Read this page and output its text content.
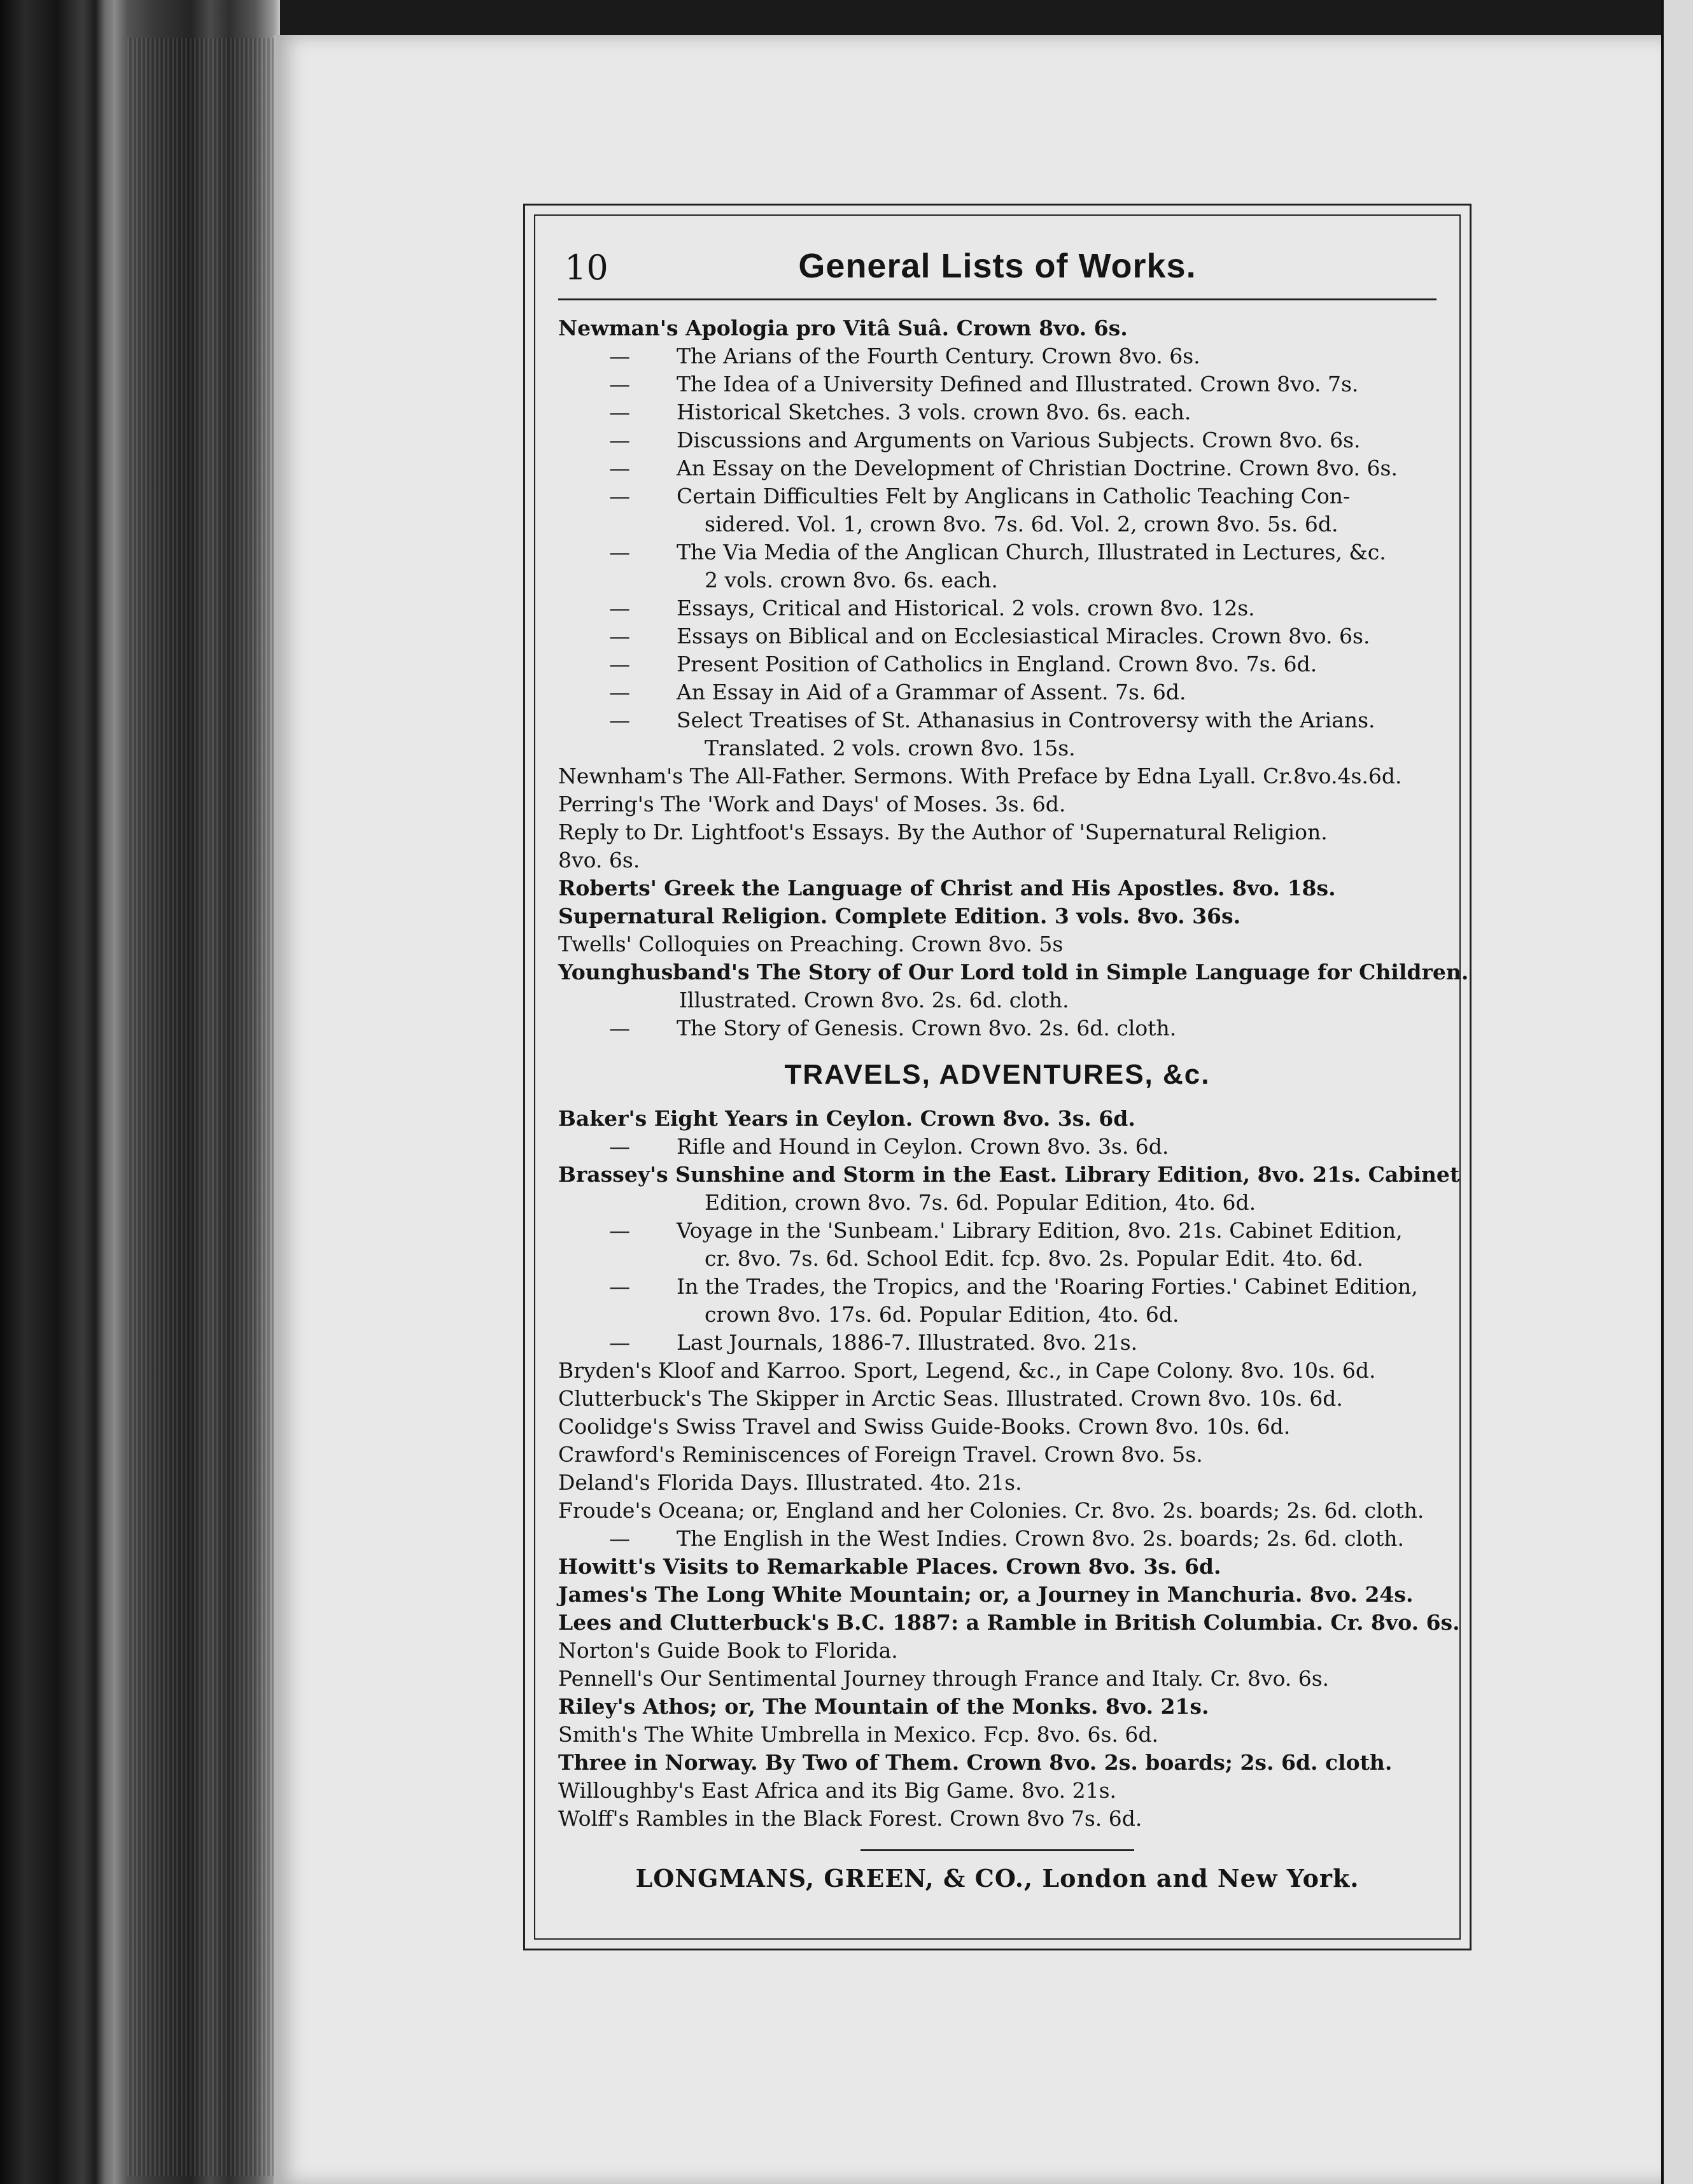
10	General Lists of Works.
Newman's Apologia pro Vitâ Suâ. Crown 8vo. 6s.
—The Arians of the Fourth Century. Crown 8vo. 6s.
—The Idea of a University Defined and Illustrated. Crown 8vo. 7s.
—Historical Sketches. 3 vols. crown 8vo. 6s. each.
—Discussions and Arguments on Various Subjects. Crown 8vo. 6s.
—An Essay on the Development of Christian Doctrine. Crown 8vo. 6s.
—Certain Difficulties Felt by Anglicans in Catholic Teaching Con-
sidered. Vol. 1, crown 8vo. 7s. 6d. Vol. 2, crown 8vo. 5s. 6d.
—The Via Media of the Anglican Church, Illustrated in Lectures, &c.
2 vols. crown 8vo. 6s. each.
—Essays, Critical and Historical. 2 vols. crown 8vo. 12s.
—Essays on Biblical and on Ecclesiastical Miracles. Crown 8vo. 6s.
—Present Position of Catholics in England. Crown 8vo. 7s. 6d.
—An Essay in Aid of a Grammar of Assent. 7s. 6d.
—Select Treatises of St. Athanasius in Controversy with the Arians.
Translated. 2 vols. crown 8vo. 15s.
Newnham's The All-Father. Sermons. With Preface by Edna Lyall. Cr.8vo.4s.6d.
Perring's The 'Work and Days' of Moses. 3s. 6d.
Reply to Dr. Lightfoot's Essays. By the Author of 'Supernatural Religion.
8vo. 6s.
Roberts' Greek the Language of Christ and His Apostles. 8vo. 18s.
Supernatural Religion. Complete Edition. 3 vols. 8vo. 36s.
Twells' Colloquies on Preaching. Crown 8vo. 5s
Younghusband's The Story of Our Lord told in Simple Language for Children.
Illustrated. Crown 8vo. 2s. 6d. cloth.
—The Story of Genesis. Crown 8vo. 2s. 6d. cloth.
TRAVELS, ADVENTURES, &c.
Baker's Eight Years in Ceylon. Crown 8vo. 3s. 6d.
—Rifle and Hound in Ceylon. Crown 8vo. 3s. 6d.
Brassey's Sunshine and Storm in the East. Library Edition, 8vo. 21s. Cabinet
Edition, crown 8vo. 7s. 6d. Popular Edition, 4to. 6d.
—Voyage in the 'Sunbeam.' Library Edition, 8vo. 21s. Cabinet Edition,
cr. 8vo. 7s. 6d. School Edit. fcp. 8vo. 2s. Popular Edit. 4to. 6d.
—In the Trades, the Tropics, and the 'Roaring Forties.' Cabinet Edition,
crown 8vo. 17s. 6d. Popular Edition, 4to. 6d.
—Last Journals, 1886-7. Illustrated. 8vo. 21s.
Bryden's Kloof and Karroo. Sport, Legend, &c., in Cape Colony. 8vo. 10s. 6d.
Clutterbuck's The Skipper in Arctic Seas. Illustrated. Crown 8vo. 10s. 6d.
Coolidge's Swiss Travel and Swiss Guide-Books. Crown 8vo. 10s. 6d.
Crawford's Reminiscences of Foreign Travel. Crown 8vo. 5s.
Deland's Florida Days. Illustrated. 4to. 21s.
Froude's Oceana; or, England and her Colonies. Cr. 8vo. 2s. boards; 2s. 6d. cloth.
—The English in the West Indies. Crown 8vo. 2s. boards; 2s. 6d. cloth.
Howitt's Visits to Remarkable Places. Crown 8vo. 3s. 6d.
James's The Long White Mountain; or, a Journey in Manchuria. 8vo. 24s.
Lees and Clutterbuck's B.C. 1887: a Ramble in British Columbia. Cr. 8vo. 6s.
Norton's Guide Book to Florida.
Pennell's Our Sentimental Journey through France and Italy. Cr. 8vo. 6s.
Riley's Athos; or, The Mountain of the Monks. 8vo. 21s.
Smith's The White Umbrella in Mexico. Fcp. 8vo. 6s. 6d.
Three in Norway. By Two of Them. Crown 8vo. 2s. boards; 2s. 6d. cloth.
Willoughby's East Africa and its Big Game. 8vo. 21s.
Wolff's Rambles in the Black Forest. Crown 8vo 7s. 6d.
LONGMANS, GREEN, & CO., London and New York.
